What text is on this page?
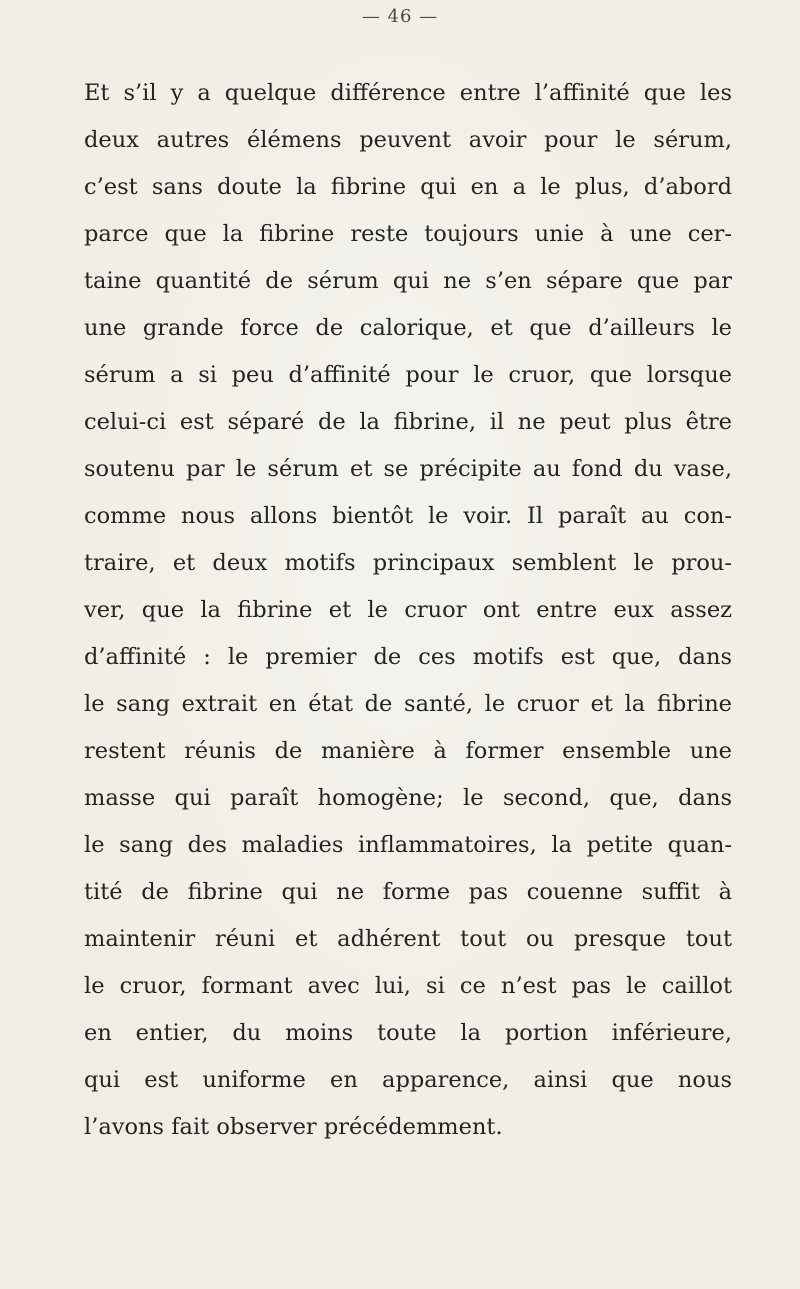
— 46 —
Et s’il y a quelque différence entre l’affinité que les
deux autres élémens peuvent avoir pour le sérum,
c’est sans doute la fibrine qui en a le plus, d’abord
parce que la fibrine reste toujours unie à une cer-
taine quantité de sérum qui ne s’en sépare que par
une grande force de calorique, et que d’ailleurs le
sérum a si peu d’affinité pour le cruor, que lorsque
celui-ci est séparé de la fibrine, il ne peut plus être
soutenu par le sérum et se précipite au fond du vase,
comme nous allons bientôt le voir. Il paraît au con-
traire, et deux motifs principaux semblent le prou-
ver, que la fibrine et le cruor ont entre eux assez
d’affinité : le premier de ces motifs est que, dans
le sang extrait en état de santé, le cruor et la fibrine
restent réunis de manière à former ensemble une
masse qui paraît homogène; le second, que, dans
le sang des maladies inflammatoires, la petite quan-
tité de fibrine qui ne forme pas couenne suffit à
maintenir réuni et adhérent tout ou presque tout
le cruor, formant avec lui, si ce n’est pas le caillot
en entier, du moins toute la portion inférieure,
qui est uniforme en apparence, ainsi que nous
l’avons fait observer précédemment.
